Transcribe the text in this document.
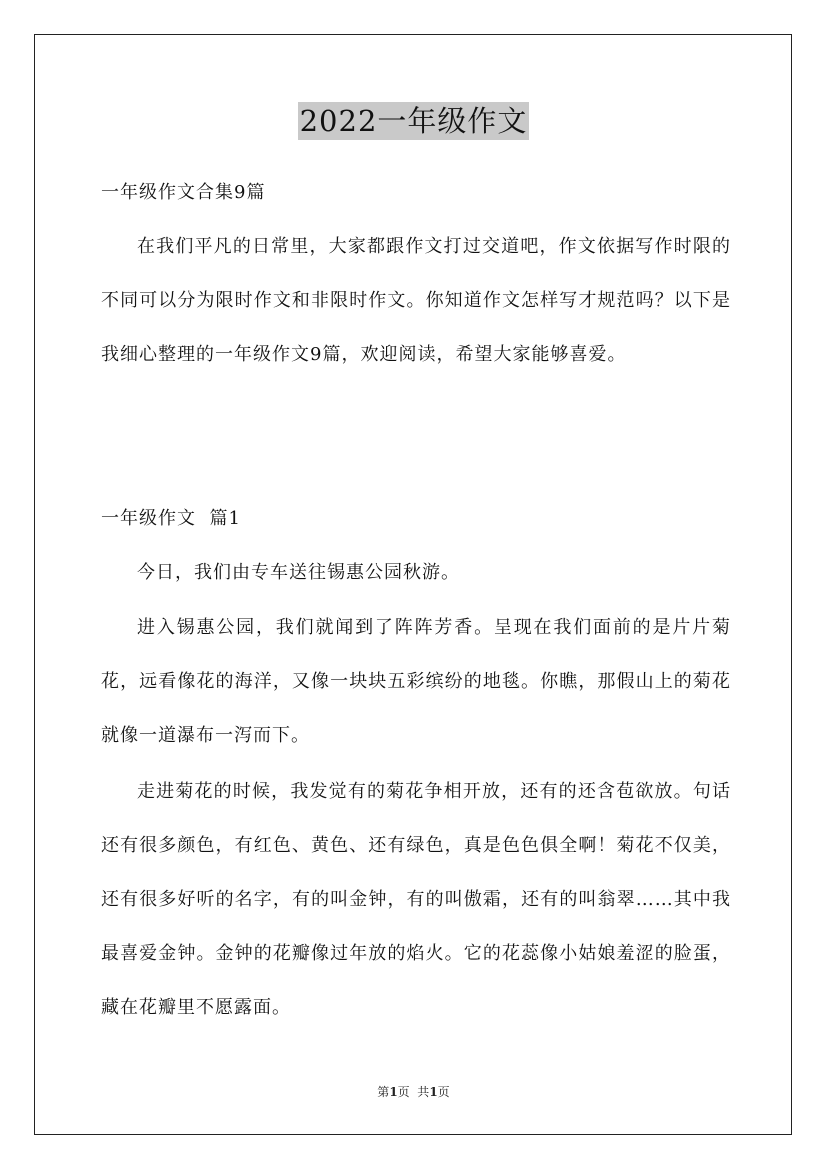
2022一年级作文
一年级作文合集9篇

在我们平凡的日常里，大家都跟作文打过交道吧，作文依据写作时限的不同可以分为限时作文和非限时作文。你知道作文怎样写才规范吗？以下是我细心整理的一年级作文9篇，欢迎阅读，希望大家能够喜爱。

一年级作文  篇1

今日，我们由专车送往锡惠公园秋游。

进入锡惠公园，我们就闻到了阵阵芳香。呈现在我们面前的是片片菊花，远看像花的海洋，又像一块块五彩缤纷的地毯。你瞧，那假山上的菊花就像一道瀑布一泻而下。

走进菊花的时候，我发觉有的菊花争相开放，还有的还含苞欲放。句话还有很多颜色，有红色、黄色、还有绿色，真是色色俱全啊！菊花不仅美，还有很多好听的名字，有的叫金钟，有的叫傲霜，还有的叫翁翠……其中我最喜爱金钟。金钟的花瓣像过年放的焰火。它的花蕊像小姑娘羞涩的脸蛋，藏在花瓣里不愿露面。

第1页  共1页
